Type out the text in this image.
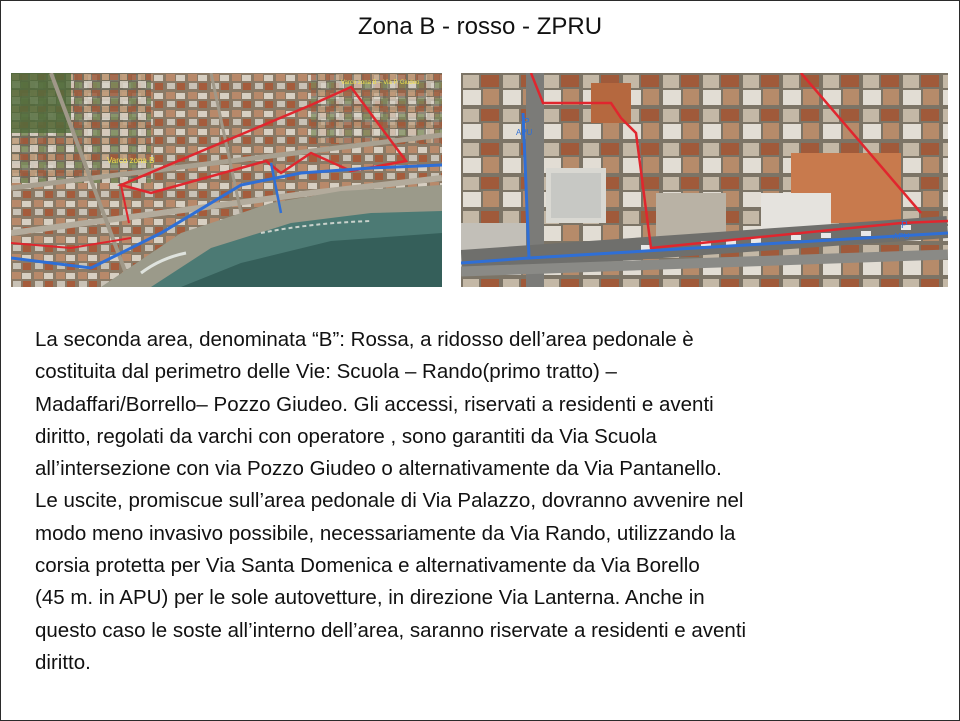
Zona B - rosso - ZPRU
Varco zona B
Varco zona B – Via P. Giudeo
P
APU
P
APU
La seconda area, denominata “B”: Rossa, a ridosso dell’area pedonale è
costituita dal perimetro delle Vie: Scuola – Rando(primo tratto) –
Madaffari/Borrello– Pozzo Giudeo. Gli accessi, riservati a residenti e aventi
diritto, regolati da varchi con operatore , sono garantiti da Via Scuola
all’intersezione con via Pozzo Giudeo o alternativamente da Via Pantanello.
Le uscite, promiscue sull’area pedonale di Via Palazzo, dovranno avvenire nel
modo meno invasivo possibile, necessariamente da Via Rando, utilizzando la
corsia protetta per Via Santa Domenica e alternativamente da Via Borello
(45 m. in APU) per le sole autovetture, in direzione Via Lanterna. Anche in
questo caso le soste all’interno dell’area, saranno riservate a residenti e aventi
diritto.
